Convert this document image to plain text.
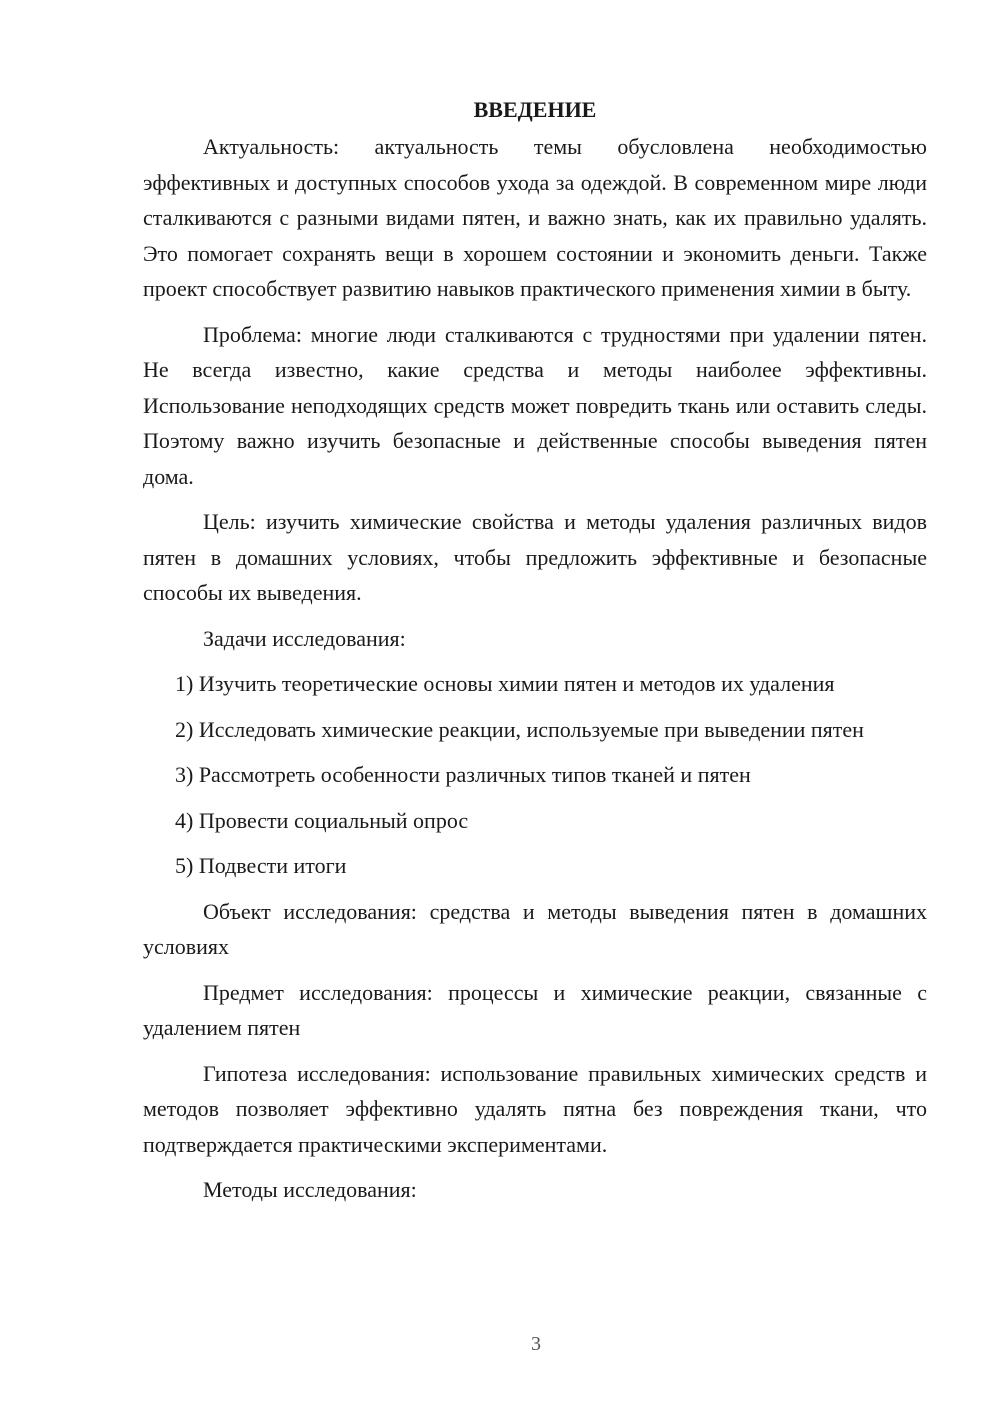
ВВЕДЕНИЕ

Актуальность: актуальность темы обусловлена необходимостью эффективных и доступных способов ухода за одеждой. В современном мире люди сталкиваются с разными видами пятен, и важно знать, как их правильно удалять. Это помогает сохранять вещи в хорошем состоянии и экономить деньги. Также проект способствует развитию навыков практического применения химии в быту.

Проблема: многие люди сталкиваются с трудностями при удалении пятен. Не всегда известно, какие средства и методы наиболее эффективны. Использование неподходящих средств может повредить ткань или оставить следы. Поэтому важно изучить безопасные и действенные способы выведения пятен дома.

Цель: изучить химические свойства и методы удаления различных видов пятен в домашних условиях, чтобы предложить эффективные и безопасные способы их выведения.

Задачи исследования:

1) Изучить теоретические основы химии пятен и методов их удаления

2) Исследовать химические реакции, используемые при выведении пятен

3) Рассмотреть особенности различных типов тканей и пятен

4) Провести социальный опрос

5) Подвести итоги

Объект исследования: средства и методы выведения пятен в домашних условиях

Предмет исследования: процессы и химические реакции, связанные с удалением пятен

Гипотеза исследования: использование правильных химических средств и методов позволяет эффективно удалять пятна без повреждения ткани, что подтверждается практическими экспериментами.

Методы исследования:

3
